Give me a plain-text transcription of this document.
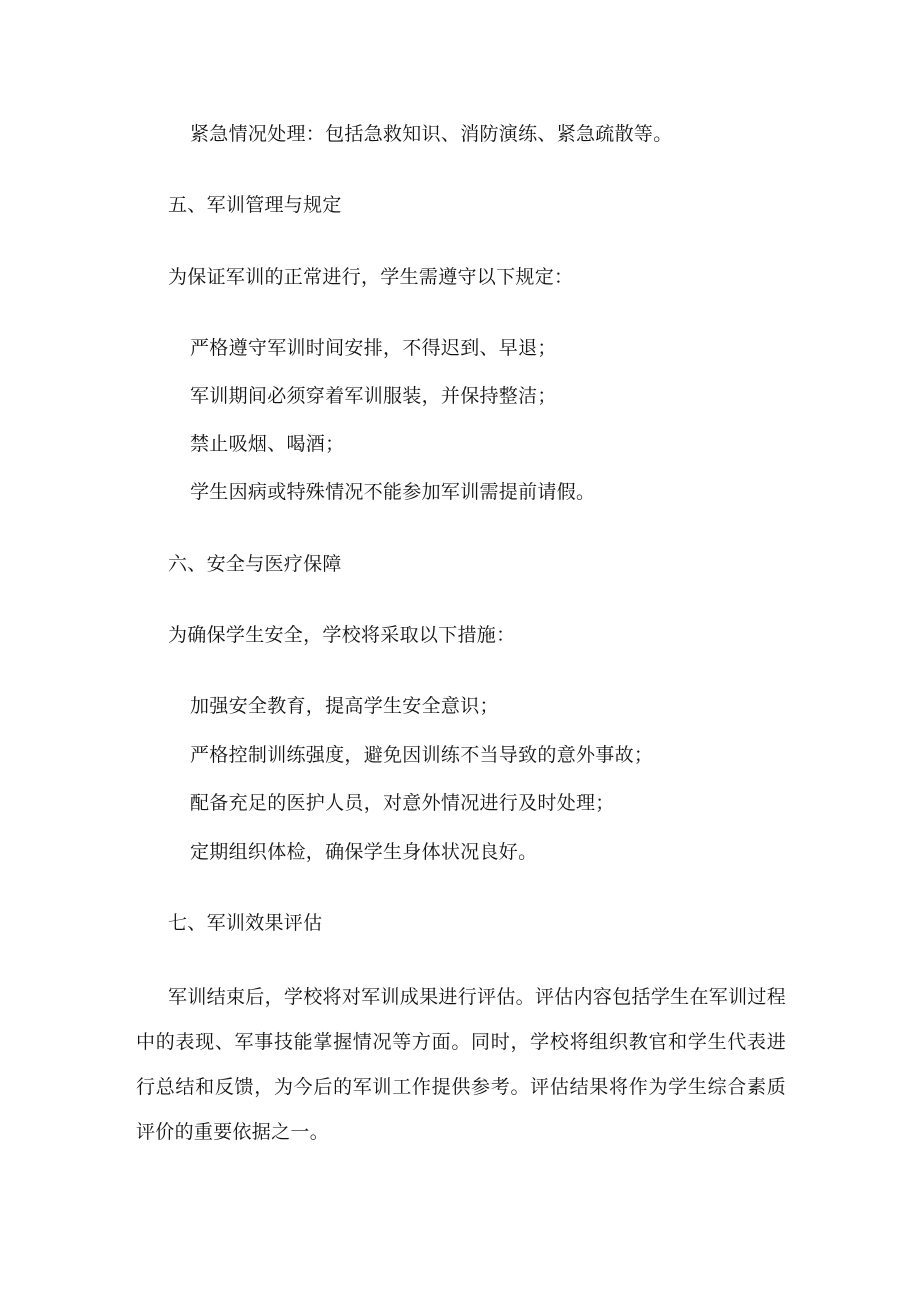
紧急情况处理：包括急救知识、消防演练、紧急疏散等。
五、军训管理与规定
为保证军训的正常进行，学生需遵守以下规定：
严格遵守军训时间安排，不得迟到、早退；
军训期间必须穿着军训服装，并保持整洁；
禁止吸烟、喝酒；
学生因病或特殊情况不能参加军训需提前请假。
六、安全与医疗保障
为确保学生安全，学校将采取以下措施：
加强安全教育，提高学生安全意识；
严格控制训练强度，避免因训练不当导致的意外事故；
配备充足的医护人员，对意外情况进行及时处理；
定期组织体检，确保学生身体状况良好。
七、军训效果评估
军训结束后，学校将对军训成果进行评估。评估内容包括学生在军训过程中的表现、军事技能掌握情况等方面。同时，学校将组织教官和学生代表进行总结和反馈，为今后的军训工作提供参考。评估结果将作为学生综合素质评价的重要依据之一。
